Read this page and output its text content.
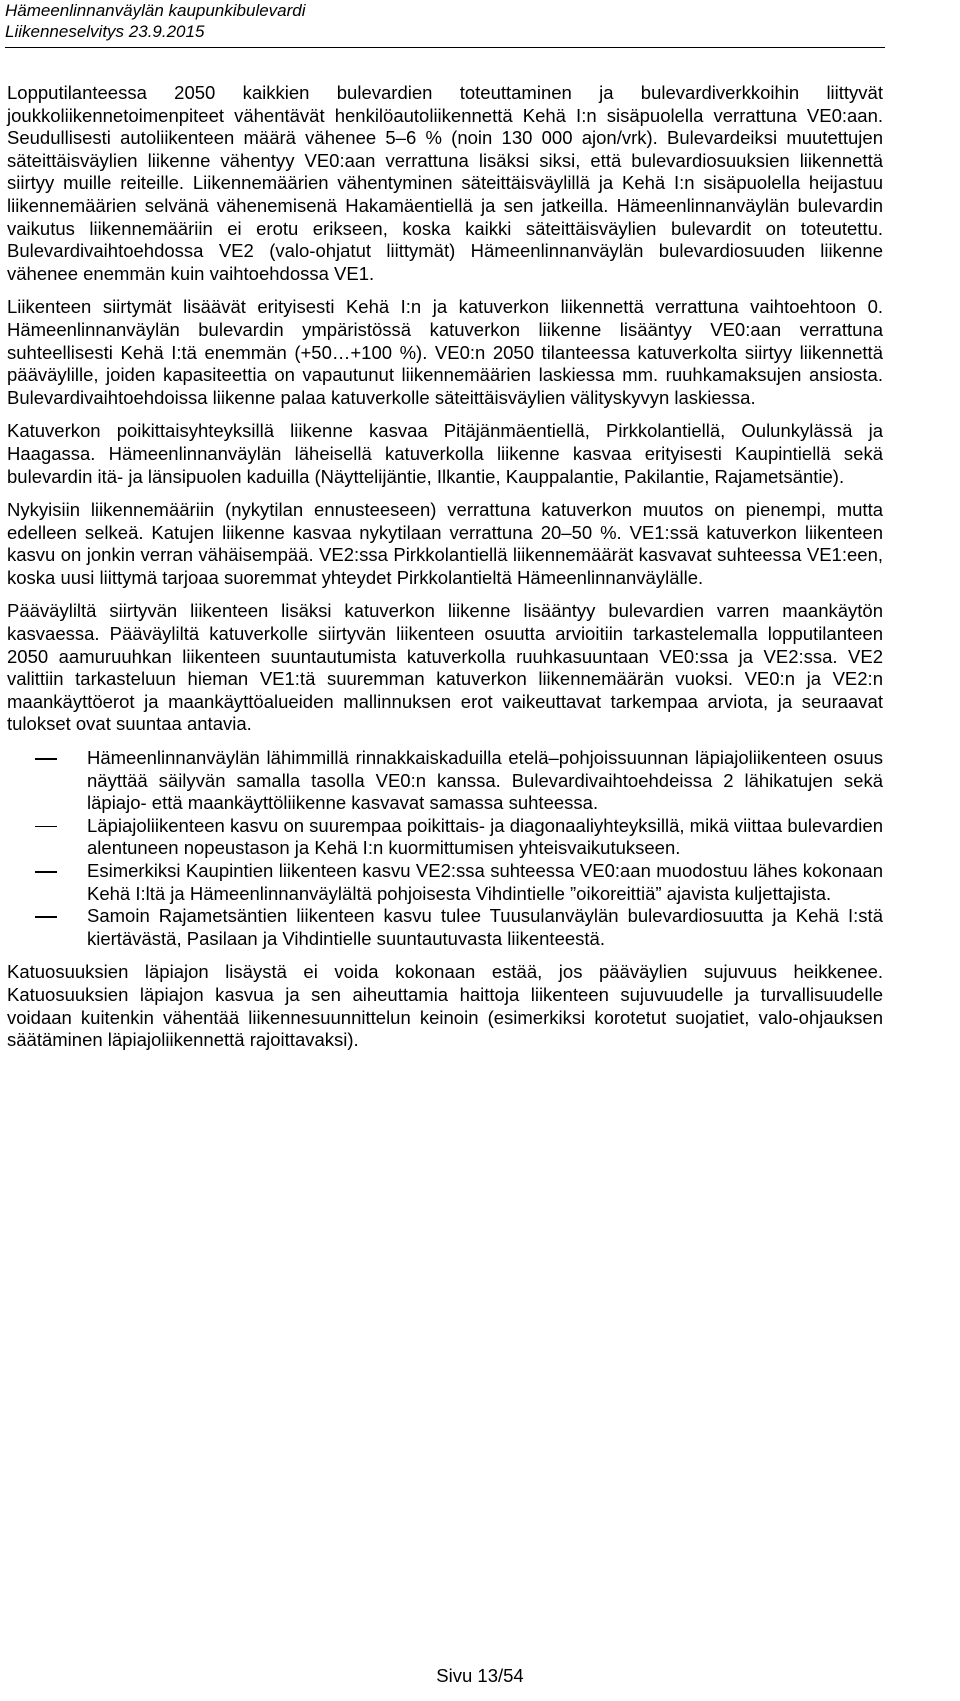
Hämeenlinnanväylän kaupunkibulevardi
Liikenneselvitys 23.9.2015

Lopputilanteessa 2050 kaikkien bulevardien toteuttaminen ja bulevardiverkkoihin liittyvät joukkoliikennetoimenpiteet vähentävät henkilöautoliikennettä Kehä I:n sisäpuolella verrattuna VE0:aan. Seudullisesti autoliikenteen määrä vähenee 5–6 % (noin 130 000 ajon/vrk). Bulevardeiksi muutettujen säteittäisväylien liikenne vähentyy VE0:aan verrattuna lisäksi siksi, että bulevardiosuuksien liikennettä siirtyy muille reiteille. Liikennemäärien vähentyminen säteittäisväylillä ja Kehä I:n sisäpuolella heijastuu liikennemäärien selvänä vähenemisenä Hakamäentiellä ja sen jatkeilla. Hämeenlinnanväylän bulevardin vaikutus liikennemääriin ei erotu erikseen, koska kaikki säteittäisväylien bulevardit on toteutettu. Bulevardivaihtoehdossa VE2 (valo-ohjatut liittymät) Hämeenlinnanväylän bulevardiosuuden liikenne vähenee enemmän kuin vaihtoehdossa VE1.

Liikenteen siirtymät lisäävät erityisesti Kehä I:n ja katuverkon liikennettä verrattuna vaihtoehtoon 0. Hämeenlinnanväylän bulevardin ympäristössä katuverkon liikenne lisääntyy VE0:aan verrattuna suhteellisesti Kehä I:tä enemmän (+50…+100 %). VE0:n 2050 tilanteessa katuverkolta siirtyy liikennettä pääväylille, joiden kapasiteettia on vapautunut liikennemäärien laskiessa mm. ruuhkamaksujen ansiosta. Bulevardivaihtoehdoissa liikenne palaa katuverkolle säteittäisväylien välityskyvyn laskiessa.

Katuverkon poikittaisyhteyksillä liikenne kasvaa Pitäjänmäentiellä, Pirkkolantiellä, Oulunkylässä ja Haagassa. Hämeenlinnanväylän läheisellä katuverkolla liikenne kasvaa erityisesti Kaupintiellä sekä bulevardin itä- ja länsipuolen kaduilla (Näyttelijäntie, Ilkantie, Kauppalantie, Pakilantie, Rajametsäntie).

Nykyisiin liikennemääriin (nykytilan ennusteeseen) verrattuna katuverkon muutos on pienempi, mutta edelleen selkeä. Katujen liikenne kasvaa nykytilaan verrattuna 20–50 %. VE1:ssä katuverkon liikenteen kasvu on jonkin verran vähäisempää. VE2:ssa Pirkkolantiellä liikennemäärät kasvavat suhteessa VE1:een, koska uusi liittymä tarjoaa suoremmat yhteydet Pirkkolantieltä Hämeenlinnanväylälle.

Pääväyliltä siirtyvän liikenteen lisäksi katuverkon liikenne lisääntyy bulevardien varren maankäytön kasvaessa. Pääväyliltä katuverkolle siirtyvän liikenteen osuutta arvioitiin tarkastelemalla lopputilanteen 2050 aamuruuhkan liikenteen suuntautumista katuverkolla ruuhkasuuntaan VE0:ssa ja VE2:ssa. VE2 valittiin tarkasteluun hieman VE1:tä suuremman katuverkon liikennemäärän vuoksi. VE0:n ja VE2:n maankäyttöerot ja maankäyttöalueiden mallinnuksen erot vaikeuttavat tarkempaa arviota, ja seuraavat tulokset ovat suuntaa antavia.

Hämeenlinnanväylän lähimmillä rinnakkaiskaduilla etelä–pohjoissuunnan läpiajoliikenteen osuus näyttää säilyvän samalla tasolla VE0:n kanssa. Bulevardivaihtoehdeissa 2 lähikatujen sekä läpiajo- että maankäyttöliikenne kasvavat samassa suhteessa.
Läpiajoliikenteen kasvu on suurempaa poikittais- ja diagonaaliyhteyksillä, mikä viittaa bulevardien alentuneen nopeustason ja Kehä I:n kuormittumisen yhteisvaikutukseen.
Esimerkiksi Kaupintien liikenteen kasvu VE2:ssa suhteessa VE0:aan muodostuu lähes kokonaan Kehä I:ltä ja Hämeenlinnanväylältä pohjoisesta Vihdintielle ”oikoreittiä” ajavista kuljettajista.
Samoin Rajametsäntien liikenteen kasvu tulee Tuusulanväylän bulevardiosuutta ja Kehä I:stä kiertävästä, Pasilaan ja Vihdintielle suuntautuvasta liikenteestä.

Katuosuuksien läpiajon lisäystä ei voida kokonaan estää, jos pääväylien sujuvuus heikkenee. Katuosuuksien läpiajon kasvua ja sen aiheuttamia haittoja liikenteen sujuvuudelle ja turvallisuudelle voidaan kuitenkin vähentää liikennesuunnittelun keinoin (esimerkiksi korotetut suojatiet, valo-ohjauksen säätäminen läpiajoliikennettä rajoittavaksi).

Sivu 13/54
